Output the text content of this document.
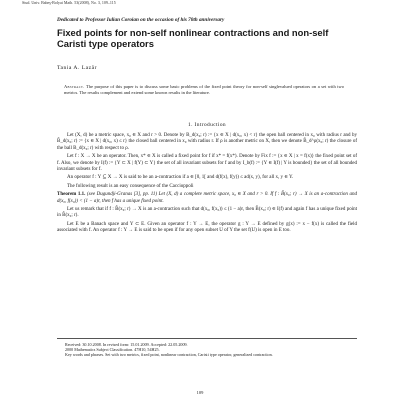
Stud. Univ. Babeş-Bolyai Math. 53(2008), No. 3, 109–115
Dedicated to Professor Iulian Coroian on the occasion of his 70th anniversary
Fixed points for non-self nonlinear contractions and non-self Caristi type operators
Tania A. Lazăr
Abstract. The purpose of this paper is to discuss some basic problems of the fixed point theory for non-self singlevalued operators on a set with two metrics. The results complement and extend some known results in the literature.
1. Introduction

Let (X, d) be a metric space, x₀ ∈ X and r > 0. Denote by B_d(x₀; r) := {x ∈ X | d(x₀, x) < r} the open ball centered in x₀ with radius r and by B̃_d(x₀; r) := {x ∈ X | d(x₀, x) ≤ r} the closed ball centered in x₀ with radius r. If ρ is another metric on X, then we denote B̄_d^ρ(x₀; r) the closure of the ball B_d(x₀; r) with respect to ρ.

Let f : X → X be an operator. Then, x* ∈ X is called a fixed point for f if x* = f(x*). Denote by Fix f := {x ∈ X | x = f(x)} the fixed point set of f. Also, we denote by I(f) := {Y ⊂ X | f(Y) ⊂ Y} the set of all invariant subsets for f and by I_b(f) := {Y ∈ I(f) | Y is bounded} the set of all bounded invariant subsets for f.

An operator f : Y ⊆ X → X is said to be an a-contraction if a ∈ [0, 1[ and d(f(x), f(y)) ≤ ad(x, y), for all x, y ∈ Y.

The following result is an easy consequence of the Caccioppoli

Theorem 1.1. (see Dugundji-Granas [3], pp. 11) Let (X, d) a complete metric space, x₀ ∈ X and r > 0. If f : B̃(x₀; r) → X is an a-contraction and d(x₀, f(x₀)) < (1 − a)r, then f has a unique fixed point.

Let us remark that if f : B̃(x₀; r) → X is an a-contraction such that d(x₀, f(x₀)) ≤ (1 − a)r, then B̃(x₀; r) ∈ I(f) and again f has a unique fixed point in B̃(x₀; r).

Let E be a Banach space and Y ⊂ E. Given an operator f : Y → E, the operator g : Y → E defined by g(x) := x − f(x) is called the field associated with f. An operator f : Y → E is said to be open if for any open subset U of Y the set f(U) is open in E too.

Received: 30.10.2008. In revised form: 15.01.2009. Accepted: 22.05.2009.
2000 Mathematics Subject Classification. 47H10, 54H25.
Key words and phrases. Set with two metrics, fixed point, nonlinear contraction, Caristi type operator, generalized contraction.
109
